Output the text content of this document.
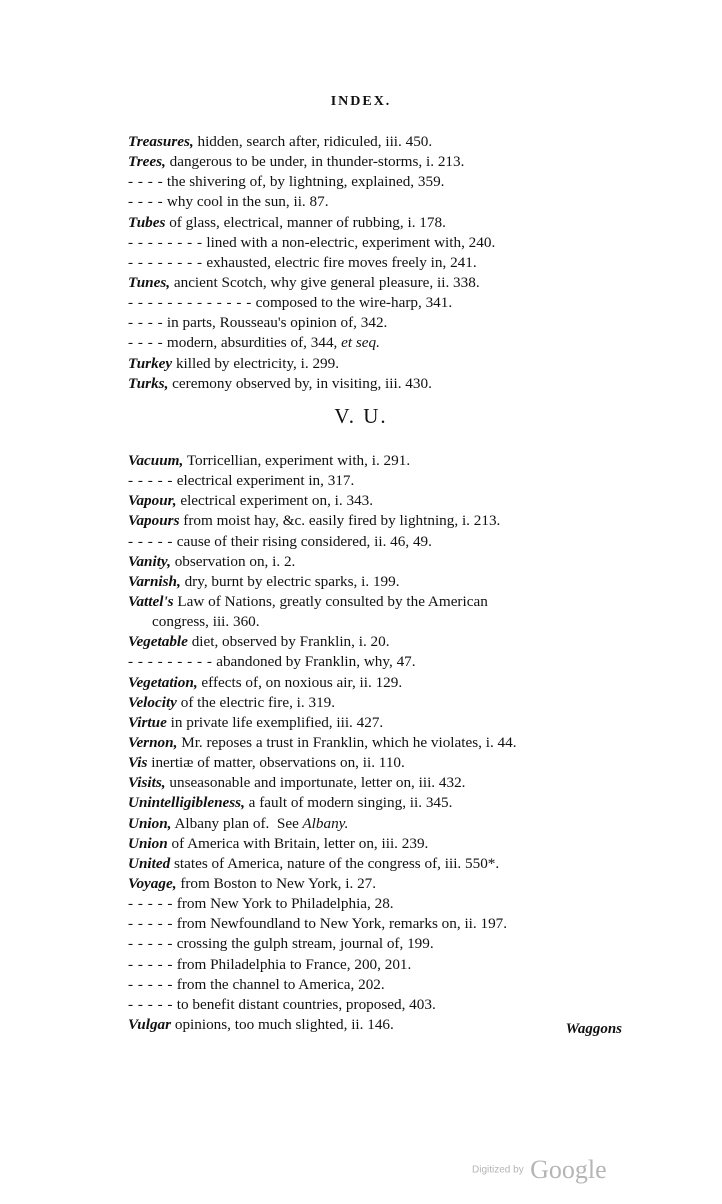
INDEX.
Treasures, hidden, search after, ridiculed, iii. 450.
Trees, dangerous to be under, in thunder-storms, i. 213.
- - - - the shivering of, by lightning, explained, 359.
- - - - why cool in the sun, ii. 87.
Tubes of glass, electrical, manner of rubbing, i. 178.
- - - - - - - - lined with a non-electric, experiment with, 240.
- - - - - - - - exhausted, electric fire moves freely in, 241.
Tunes, ancient Scotch, why give general pleasure, ii. 338.
- - - - - - - - - - - - - composed to the wire-harp, 341.
- - - - in parts, Rousseau's opinion of, 342.
- - - - modern, absurdities of, 344, et seq.
Turkey killed by electricity, i. 299.
Turks, ceremony observed by, in visiting, iii. 430.
V. U.
Vacuum, Torricellian, experiment with, i. 291.
- - - - - electrical experiment in, 317.
Vapour, electrical experiment on, i. 343.
Vapours from moist hay, &c. easily fired by lightning, i. 213.
- - - - - cause of their rising considered, ii. 46, 49.
Vanity, observation on, i. 2.
Varnish, dry, burnt by electric sparks, i. 199.
Vattel's Law of Nations, greatly consulted by the American
congress, iii. 360.
Vegetable diet, observed by Franklin, i. 20.
- - - - - - - - - abandoned by Franklin, why, 47.
Vegetation, effects of, on noxious air, ii. 129.
Velocity of the electric fire, i. 319.
Virtue in private life exemplified, iii. 427.
Vernon, Mr. reposes a trust in Franklin, which he violates, i. 44.
Vis inertiæ of matter, observations on, ii. 110.
Visits, unseasonable and importunate, letter on, iii. 432.
Unintelligibleness, a fault of modern singing, ii. 345.
Union, Albany plan of.  See Albany.
Union of America with Britain, letter on, iii. 239.
United states of America, nature of the congress of, iii. 550*.
Voyage, from Boston to New York, i. 27.
- - - - - from New York to Philadelphia, 28.
- - - - - from Newfoundland to New York, remarks on, ii. 197.
- - - - - crossing the gulph stream, journal of, 199.
- - - - - from Philadelphia to France, 200, 201.
- - - - - from the channel to America, 202.
- - - - - to benefit distant countries, proposed, 403.
Vulgar opinions, too much slighted, ii. 146.	Waggons
Digitized by Google
